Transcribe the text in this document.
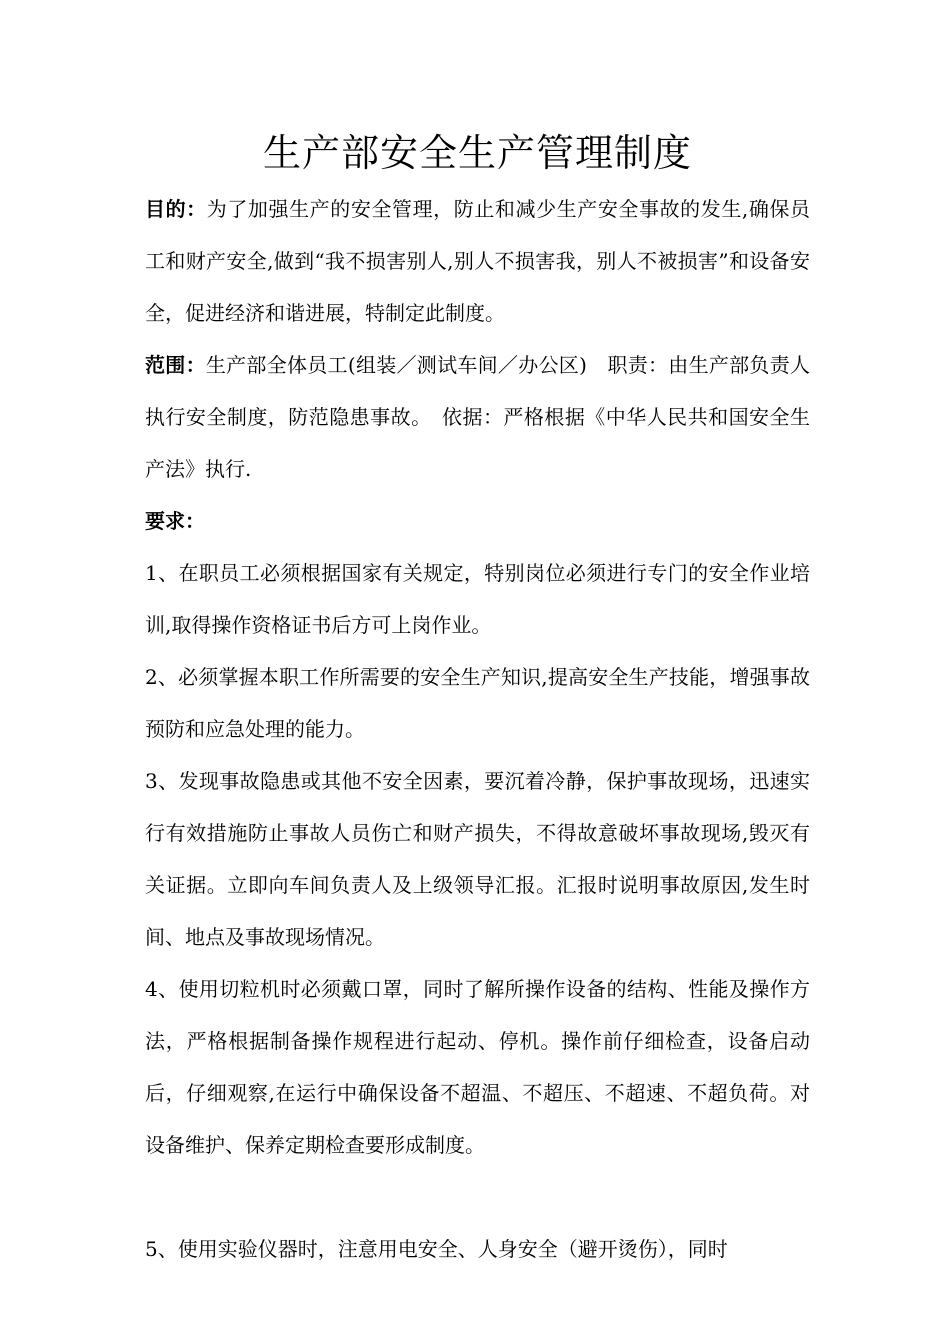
生产部安全生产管理制度

目的：为了加强生产的安全管理，防止和减少生产安全事故的发生,确保员工和财产安全,做到“我不损害别人,别人不损害我，别人不被损害”和设备安全，促进经济和谐进展，特制定此制度。

范围：生产部全体员工(组装／测试车间／办公区)　职责：由生产部负责人执行安全制度，防范隐患事故。　依据：严格根据《中华人民共和国安全生产法》执行.

要求：

1、在职员工必须根据国家有关规定，特别岗位必须进行专门的安全作业培训,取得操作资格证书后方可上岗作业。

2、必须掌握本职工作所需要的安全生产知识,提高安全生产技能，增强事故预防和应急处理的能力。

3、发现事故隐患或其他不安全因素，要沉着冷静，保护事故现场，迅速实行有效措施防止事故人员伤亡和财产损失，不得故意破坏事故现场,毁灭有关证据。立即向车间负责人及上级领导汇报。汇报时说明事故原因,发生时间、地点及事故现场情况。

4、使用切粒机时必须戴口罩，同时了解所操作设备的结构、性能及操作方法，严格根据制备操作规程进行起动、停机。操作前仔细检查，设备启动后，仔细观察,在运行中确保设备不超温、不超压、不超速、不超负荷。对设备维护、保养定期检查要形成制度。

5、使用实验仪器时，注意用电安全、人身安全（避开烫伤），同时
